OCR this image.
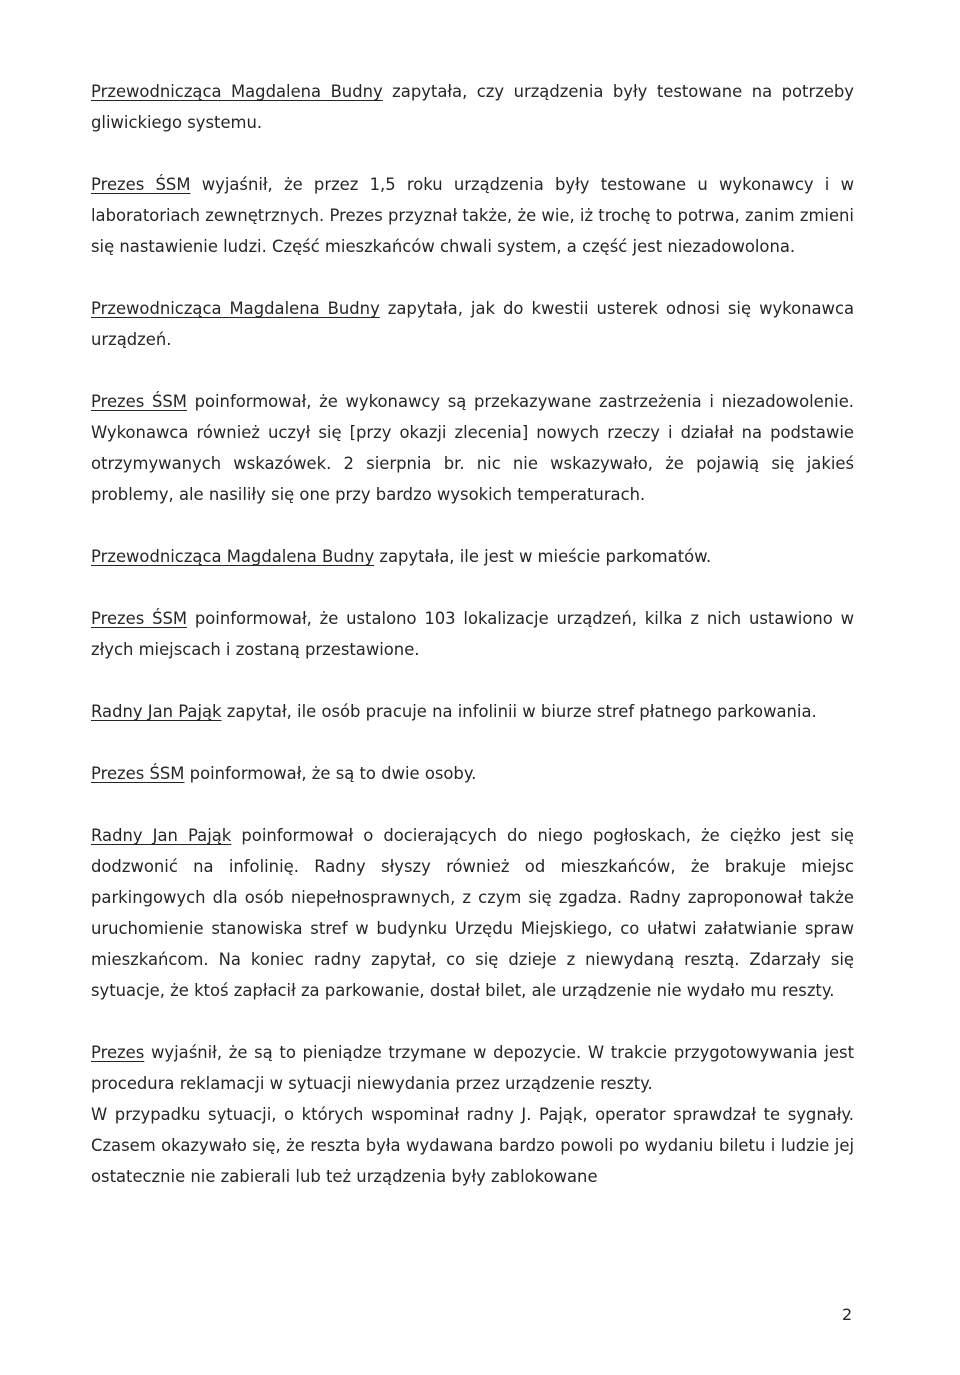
Przewodnicząca Magdalena Budny zapytała, czy urządzenia były testowane na potrzeby gliwickiego systemu.

Prezes ŚSM wyjaśnił, że przez 1,5 roku urządzenia były testowane u wykonawcy i w laboratoriach zewnętrznych. Prezes przyznał także, że wie, iż trochę to potrwa, zanim zmieni się nastawienie ludzi. Część mieszkańców chwali system, a część jest niezadowolona.

Przewodnicząca Magdalena Budny zapytała, jak do kwestii usterek odnosi się wykonawca urządzeń.

Prezes ŚSM poinformował, że wykonawcy są przekazywane zastrzeżenia i niezadowolenie. Wykonawca również uczył się [przy okazji zlecenia] nowych rzeczy i działał na podstawie otrzymywanych wskazówek. 2 sierpnia br. nic nie wskazywało, że pojawią się jakieś problemy, ale nasiliły się one przy bardzo wysokich temperaturach.

Przewodnicząca Magdalena Budny zapytała, ile jest w mieście parkomatów.

Prezes ŚSM poinformował, że ustalono 103 lokalizacje urządzeń, kilka z nich ustawiono w złych miejscach i zostaną przestawione.

Radny Jan Pająk zapytał, ile osób pracuje na infolinii w biurze stref płatnego parkowania.

Prezes ŚSM poinformował, że są to dwie osoby.

Radny Jan Pająk poinformował o docierających do niego pogłoskach, że ciężko jest się dodzwonić na infolinię. Radny słyszy również od mieszkańców, że brakuje miejsc parkingowych dla osób niepełnosprawnych, z czym się zgadza. Radny zaproponował także uruchomienie stanowiska stref w budynku Urzędu Miejskiego, co ułatwi załatwianie spraw mieszkańcom. Na koniec radny zapytał, co się dzieje z niewydaną resztą. Zdarzały się sytuacje, że ktoś zapłacił za parkowanie, dostał bilet, ale urządzenie nie wydało mu reszty.

Prezes wyjaśnił, że są to pieniądze trzymane w depozycie. W trakcie przygotowywania jest procedura reklamacji w sytuacji niewydania przez urządzenie reszty.

W przypadku sytuacji, o których wspominał radny J. Pająk, operator sprawdzał te sygnały. Czasem okazywało się, że reszta była wydawana bardzo powoli po wydaniu biletu i ludzie jej ostatecznie nie zabierali lub też urządzenia były zablokowane

2
